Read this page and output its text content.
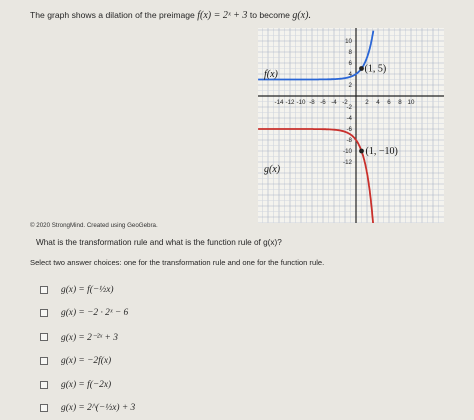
The graph shows a dilation of the preimage f(x) = 2ˣ + 3 to become g(x).
-14 -12 -10 -8 -6 -4 -2	2 4 6 8 10
10
8
6
4
2
-2
-4
-6
-8
-10
-12
f(x)
g(x)
(1, 5)
(1, −10)
© 2020 StrongMind. Created using GeoGebra.
What is the transformation rule and what is the function rule of g(x)?
Select two answer choices: one for the transformation rule and one for the function rule.
g(x) = f(−½x)
g(x) = −2 · 2ˣ − 6
g(x) = 2⁻²ˣ + 3
g(x) = −2f(x)
g(x) = f(−2x)
g(x) = 2^(−½x) + 3
